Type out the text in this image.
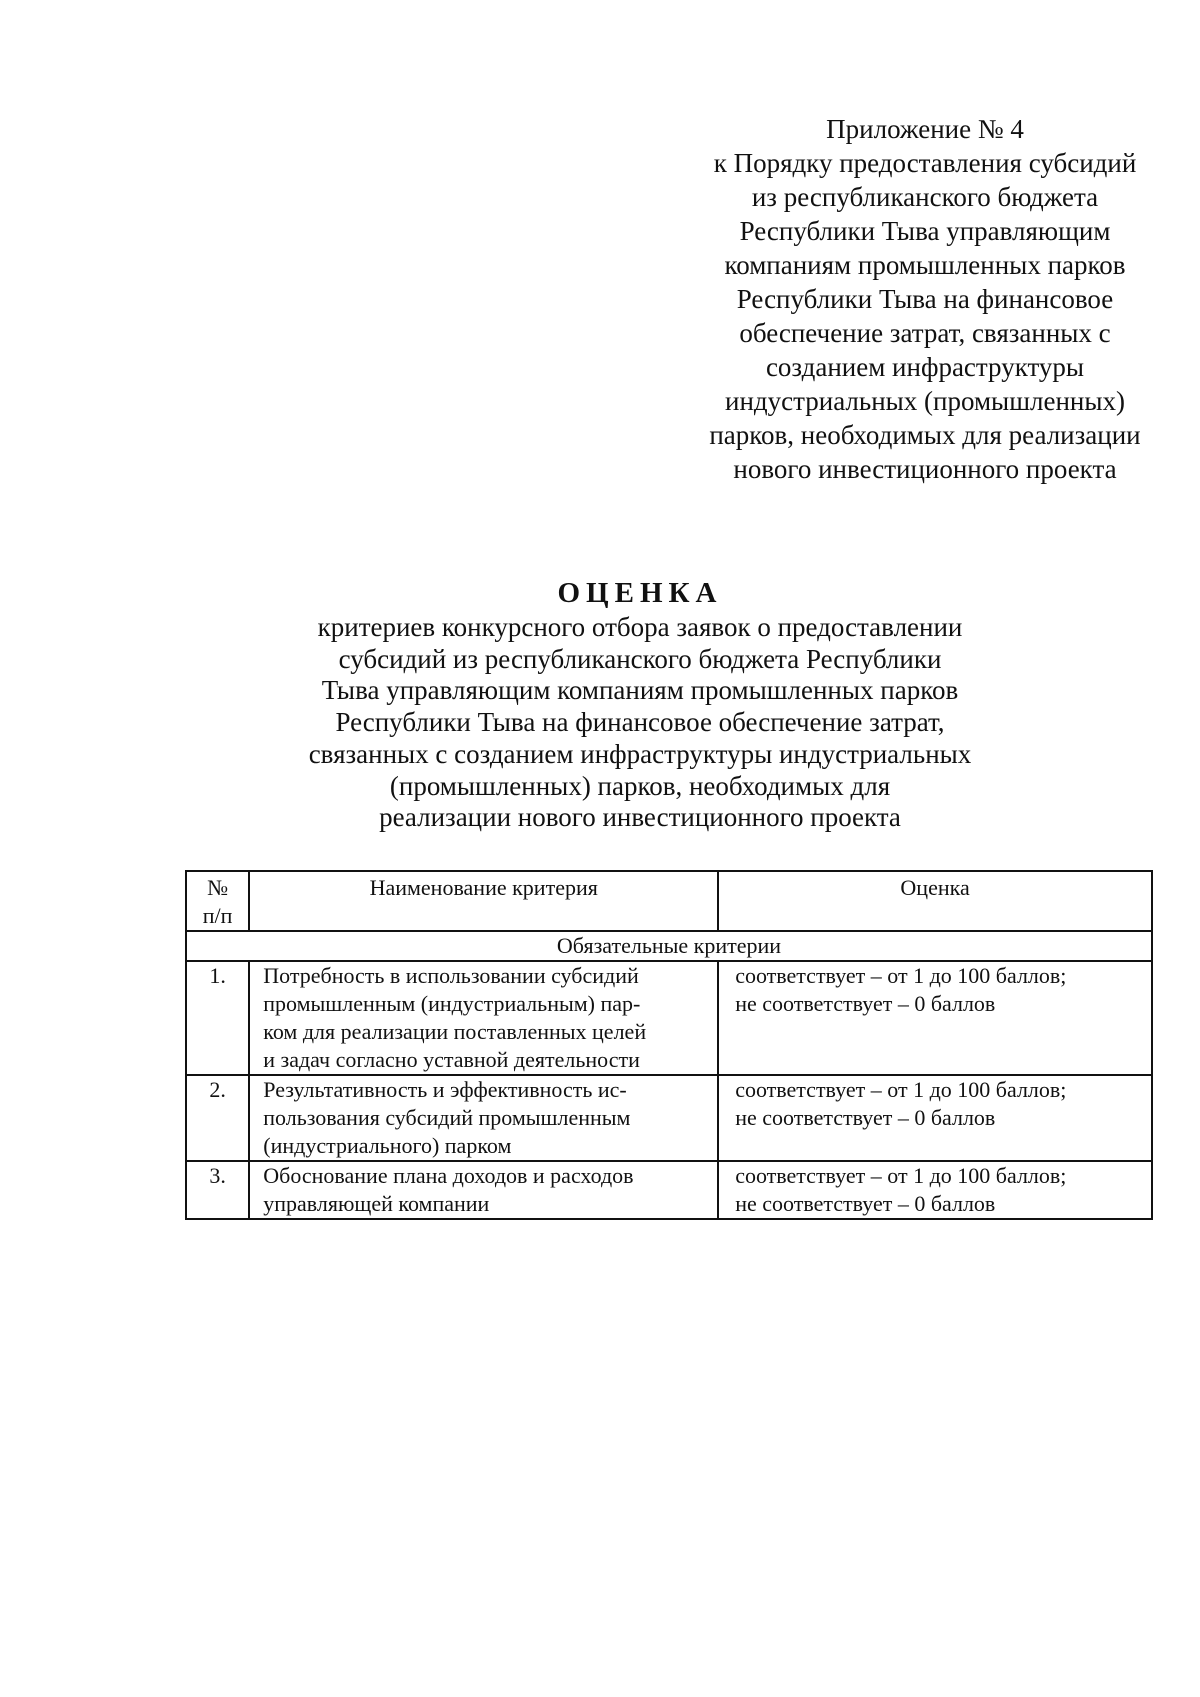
Приложение № 4
к Порядку предоставления субсидий
из республиканского бюджета
Республики Тыва управляющим
компаниям промышленных парков
Республики Тыва на финансовое
обеспечение затрат, связанных с
созданием инфраструктуры
индустриальных (промышленных)
парков, необходимых для реализации
нового инвестиционного проекта
ОЦЕНКА
критериев конкурсного отбора заявок о предоставлении
субсидий из республиканского бюджета Республики
Тыва управляющим компаниям промышленных парков
Республики Тыва на финансовое обеспечение затрат,
связанных с созданием инфраструктуры индустриальных
(промышленных) парков, необходимых для
реализации нового инвестиционного проекта
№
п/п	Наименование критерия	Оценка
Обязательные критерии		
1.	Потребность в использовании субсидий
промышленным (индустриальным) пар-
ком для реализации поставленных целей
и задач согласно уставной деятельности	соответствует – от 1 до 100 баллов;
не соответствует – 0 баллов

2.	Результативность и эффективность ис-
пользования субсидий промышленным
(индустриального) парком	соответствует – от 1 до 100 баллов;
не соответствует – 0 баллов

3.	Обоснование плана доходов и расходов
управляющей компании	соответствует – от 1 до 100 баллов;
не соответствует – 0 баллов
